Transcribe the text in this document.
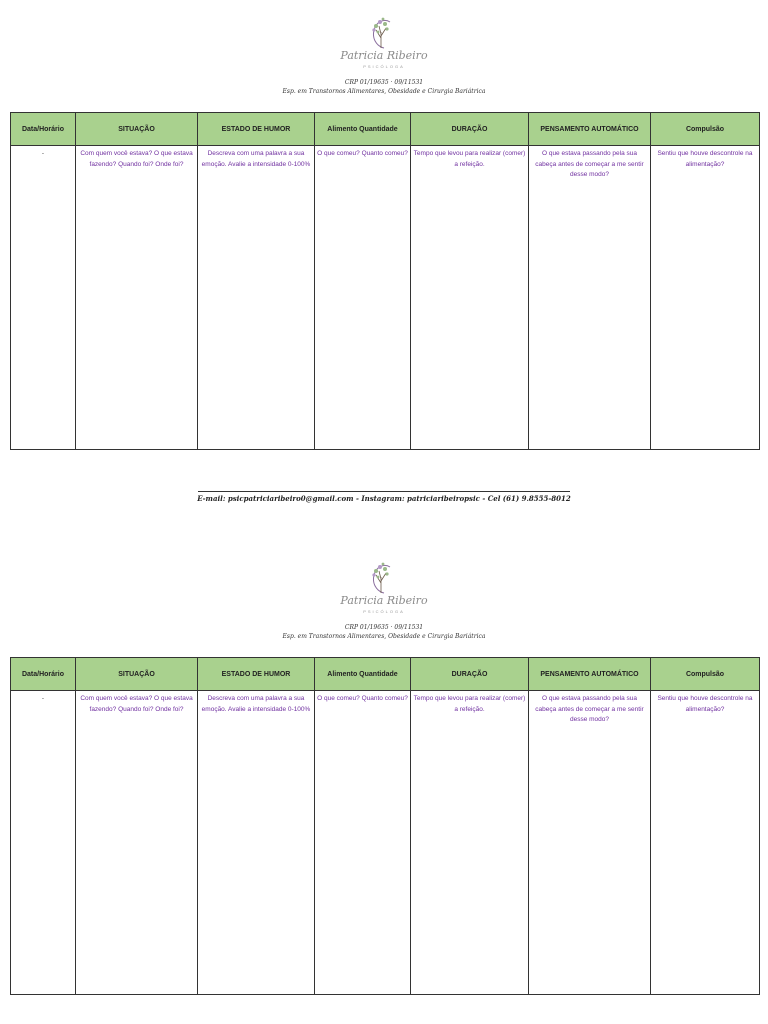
Patricia Ribeiro
PSICÓLOGA
CRP 01/19635 · 09/11531
Esp. em Transtornos Alimentares, Obesidade e Cirurgia Bariátrica
Data/Horário	SITUAÇÃO	ESTADO DE HUMOR	Alimento Quantidade	DURAÇÃO	PENSAMENTO AUTOMÁTICO	Compulsão
-	Com quem você estava? O que estava fazendo? Quando foi? Onde foi?	Descreva com uma palavra a sua emoção. Avalie a intensidade 0-100%	O que comeu? Quanto comeu?	Tempo que levou para realizar (comer) a refeição.	O que estava passando pela sua cabeça antes de começar a me sentir desse modo?	Sentiu que houve descontrole na alimentação?
E-mail: psicpatriciaribeiro0@gmail.com - Instagram: patriciaribeiropsic - Cel (61) 9.8555-8012
Patricia Ribeiro
PSICÓLOGA
CRP 01/19635 · 09/11531
Esp. em Transtornos Alimentares, Obesidade e Cirurgia Bariátrica
Data/Horário	SITUAÇÃO	ESTADO DE HUMOR	Alimento Quantidade	DURAÇÃO	PENSAMENTO AUTOMÁTICO	Compulsão
-	Com quem você estava? O que estava fazendo? Quando foi? Onde foi?	Descreva com uma palavra a sua emoção. Avalie a intensidade 0-100%	O que comeu? Quanto comeu?	Tempo que levou para realizar (comer) a refeição.	O que estava passando pela sua cabeça antes de começar a me sentir desse modo?	Sentiu que houve descontrole na alimentação?
